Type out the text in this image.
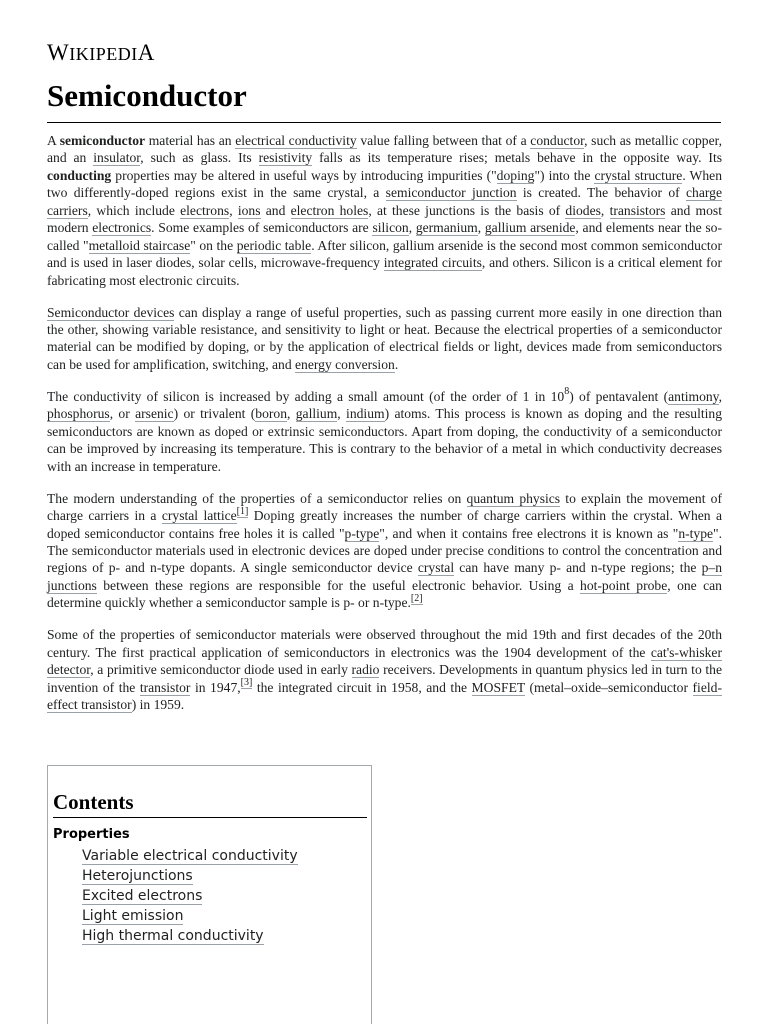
WIKIPEDIA
Semiconductor

A semiconductor material has an electrical conductivity value falling between that of a conductor, such as metallic copper, and an insulator, such as glass. Its resistivity falls as its temperature rises; metals behave in the opposite way. Its conducting properties may be altered in useful ways by introducing impurities ("doping") into the crystal structure. When two differently-doped regions exist in the same crystal, a semiconductor junction is created. The behavior of charge carriers, which include electrons, ions and electron holes, at these junctions is the basis of diodes, transistors and most modern electronics. Some examples of semiconductors are silicon, germanium, gallium arsenide, and elements near the so-called "metalloid staircase" on the periodic table. After silicon, gallium arsenide is the second most common semiconductor and is used in laser diodes, solar cells, microwave-frequency integrated circuits, and others. Silicon is a critical element for fabricating most electronic circuits.

Semiconductor devices can display a range of useful properties, such as passing current more easily in one direction than the other, showing variable resistance, and sensitivity to light or heat. Because the electrical properties of a semiconductor material can be modified by doping, or by the application of electrical fields or light, devices made from semiconductors can be used for amplification, switching, and energy conversion.

The conductivity of silicon is increased by adding a small amount (of the order of 1 in $10^8$) of pentavalent (antimony, phosphorus, or arsenic) or trivalent (boron, gallium, indium) atoms. This process is known as doping and the resulting semiconductors are known as doped or extrinsic semiconductors. Apart from doping, the conductivity of a semiconductor can be improved by increasing its temperature. This is contrary to the behavior of a metal in which conductivity decreases with an increase in temperature.

The modern understanding of the properties of a semiconductor relies on quantum physics to explain the movement of charge carriers in a crystal lattice[1] Doping greatly increases the number of charge carriers within the crystal. When a doped semiconductor contains free holes it is called "p-type", and when it contains free electrons it is known as "n-type". The semiconductor materials used in electronic devices are doped under precise conditions to control the concentration and regions of p- and n-type dopants. A single semiconductor device crystal can have many p- and n-type regions; the p–n junctions between these regions are responsible for the useful electronic behavior. Using a hot-point probe, one can determine quickly whether a semiconductor sample is p- or n-type.[2]

Some of the properties of semiconductor materials were observed throughout the mid 19th and first decades of the 20th century. The first practical application of semiconductors in electronics was the 1904 development of the cat's-whisker detector, a primitive semiconductor diode used in early radio receivers. Developments in quantum physics led in turn to the invention of the transistor in 1947,[3] the integrated circuit in 1958, and the MOSFET (metal–oxide–semiconductor field-effect transistor) in 1959.

Contents
Properties
Variable electrical conductivity
Heterojunctions
Excited electrons
Light emission
High thermal conductivity
